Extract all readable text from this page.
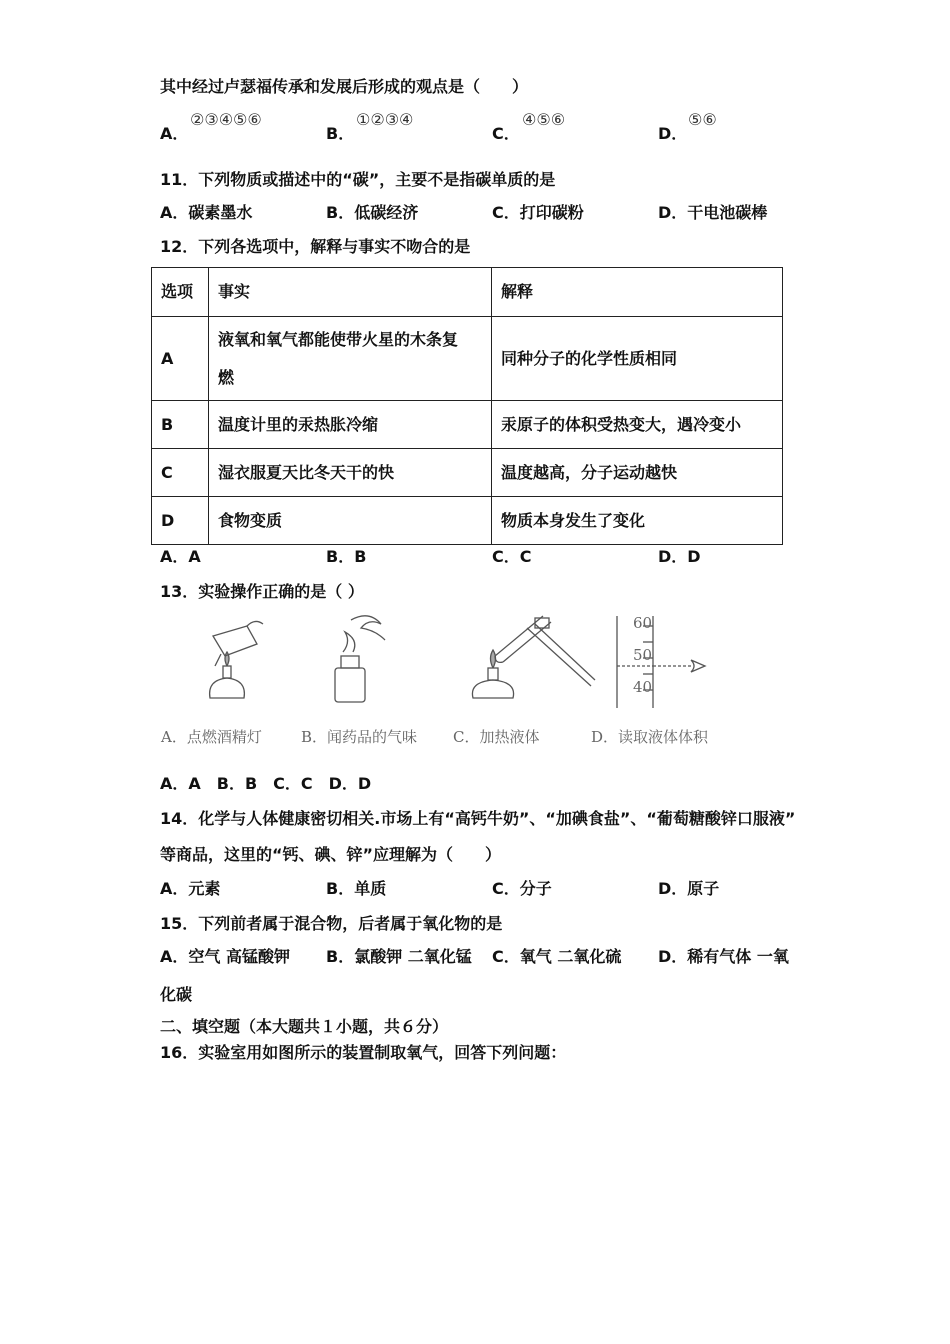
其中经过卢瑟福传承和发展后形成的观点是（　　）
A．
②③④⑤⑥
B．
①②③④
C．
④⑤⑥
D．
⑤⑥
11．下列物质或描述中的“碳”，主要不是指碳单质的是
A．碳素墨水	B．低碳经济	C．打印碳粉	D．干电池碳棒
12．下列各选项中，解释与事实不吻合的是
选项	事实	解释
A	液氧和氧气都能使带火星的木条复
燃	同种分子的化学性质相同
B	温度计里的汞热胀冷缩	汞原子的体积受热变大，遇冷变小
C	湿衣服夏天比冬天干的快	温度越高，分子运动越快
D	食物变质	物质本身发生了变化
A．A	B．B	C．C	D．D
13．实验操作正确的是（ ）
60
50
40
A．点燃酒精灯	B．闻药品的气味 C．加热液体	D．读取液体体积
A．A　B．B　C．C　D．D
14．化学与人体健康密切相关.市场上有“高钙牛奶”、“加碘食盐”、“葡萄糖酸锌口服液”
等商品，这里的“钙、碘、锌”应理解为（　　）
A．元素	B．单质	C．分子	D．原子
15．下列前者属于混合物，后者属于氧化物的是
A．空气 高锰酸钾 B．氯酸钾 二氧化锰 C．氧气 二氧化硫 D．稀有气体 一氧
化碳
二、填空题（本大题共１小题，共６分）
16．实验室用如图所示的装置制取氧气，回答下列问题：
